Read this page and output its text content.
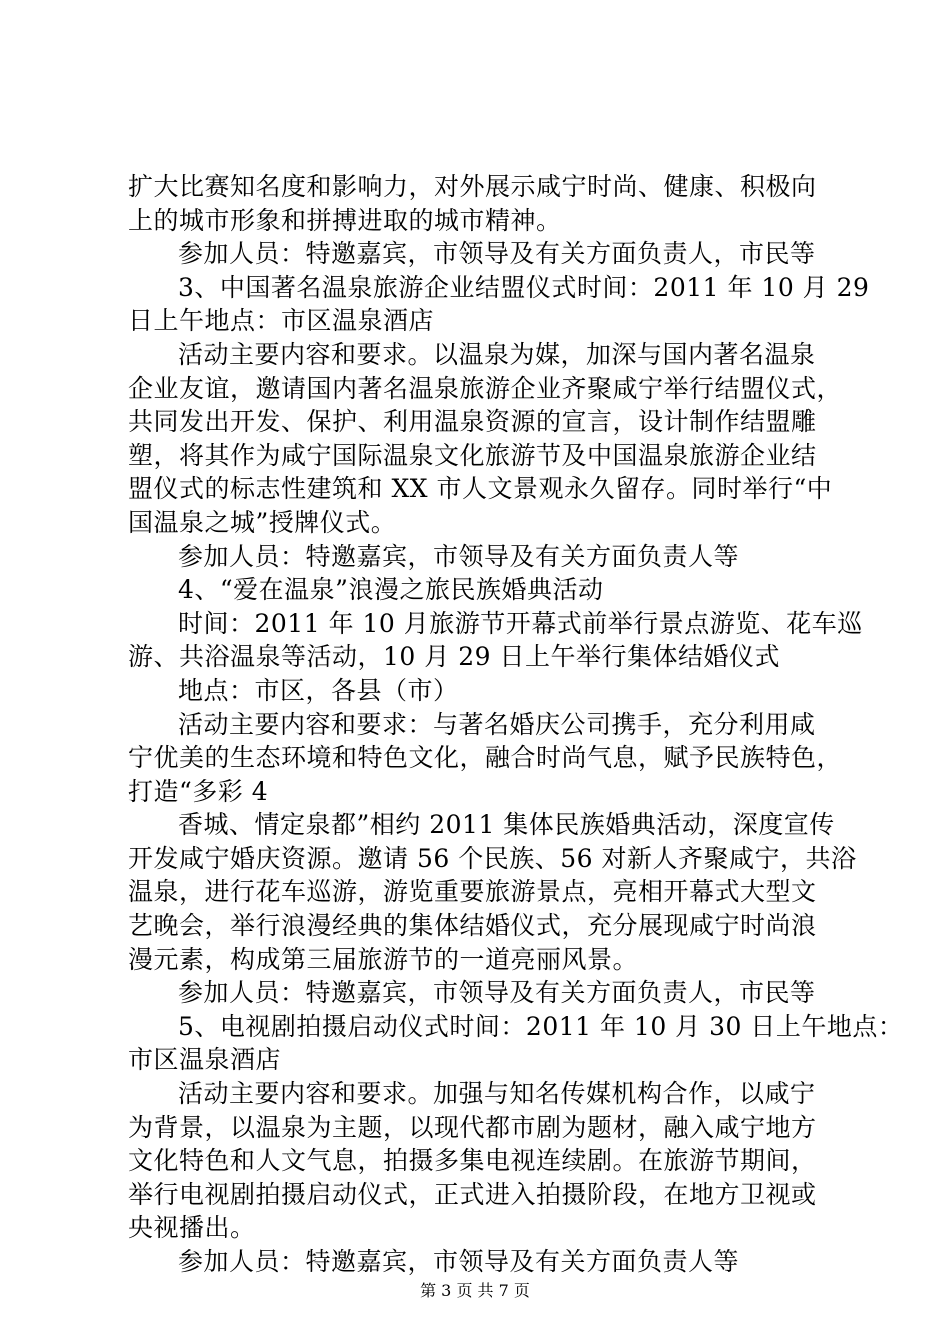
扩大比赛知名度和影响力，对外展示咸宁时尚、健康、积极向
上的城市形象和拼搏进取的城市精神。
参加人员：特邀嘉宾，市领导及有关方面负责人，市民等
3、中国著名温泉旅游企业结盟仪式时间：2011 年 10 月 29
日上午地点：市区温泉酒店
活动主要内容和要求。以温泉为媒，加深与国内著名温泉
企业友谊，邀请国内著名温泉旅游企业齐聚咸宁举行结盟仪式，
共同发出开发、保护、利用温泉资源的宣言，设计制作结盟雕
塑，将其作为咸宁国际温泉文化旅游节及中国温泉旅游企业结
盟仪式的标志性建筑和 XX 市人文景观永久留存。同时举行“中
国温泉之城”授牌仪式。
参加人员：特邀嘉宾，市领导及有关方面负责人等
4、“爱在温泉”浪漫之旅民族婚典活动
时间：2011 年 10 月旅游节开幕式前举行景点游览、花车巡
游、共浴温泉等活动，10 月 29 日上午举行集体结婚仪式
地点：市区，各县（市）
活动主要内容和要求：与著名婚庆公司携手，充分利用咸
宁优美的生态环境和特色文化，融合时尚气息，赋予民族特色，
打造“多彩 4
香城、情定泉都”相约 2011 集体民族婚典活动，深度宣传
开发咸宁婚庆资源。邀请 56 个民族、56 对新人齐聚咸宁，共浴
温泉，进行花车巡游，游览重要旅游景点，亮相开幕式大型文
艺晚会，举行浪漫经典的集体结婚仪式，充分展现咸宁时尚浪
漫元素，构成第三届旅游节的一道亮丽风景。
参加人员：特邀嘉宾，市领导及有关方面负责人，市民等
5、电视剧拍摄启动仪式时间：2011 年 10 月 30 日上午地点：
市区温泉酒店
活动主要内容和要求。加强与知名传媒机构合作，以咸宁
为背景，以温泉为主题，以现代都市剧为题材，融入咸宁地方
文化特色和人文气息，拍摄多集电视连续剧。在旅游节期间，
举行电视剧拍摄启动仪式，正式进入拍摄阶段，在地方卫视或
央视播出。
参加人员：特邀嘉宾，市领导及有关方面负责人等
第 3 页 共 7 页
